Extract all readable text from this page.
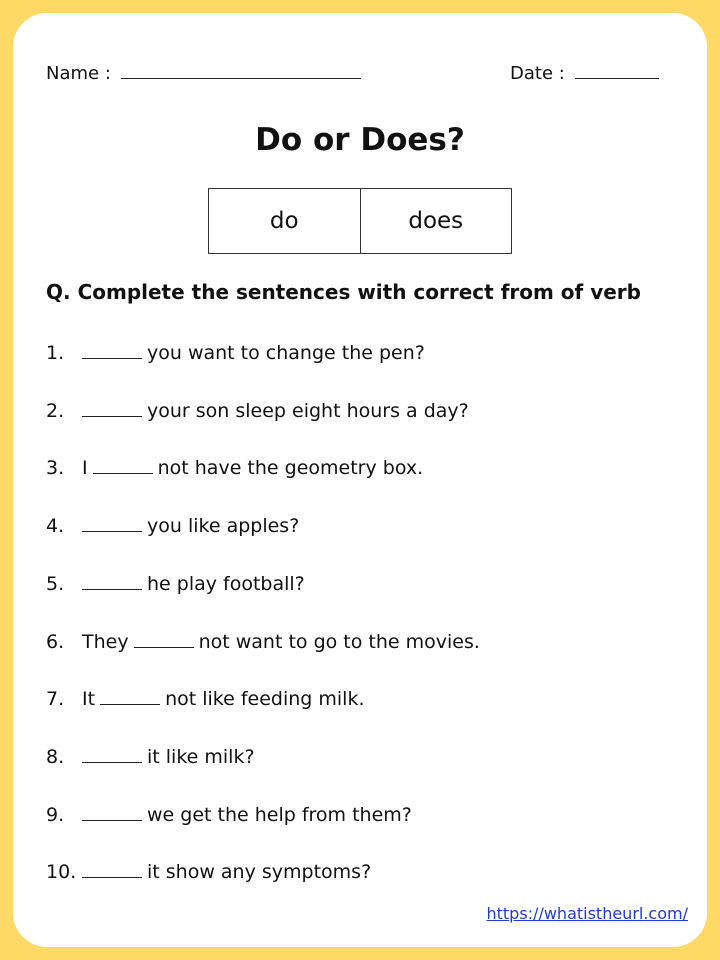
Name :	Date :
Do or Does?
do	does
Q. Complete the sentences with correct from of verb
1.	you want to change the pen?
2.	your son sleep eight hours a day?
3. I	not have the geometry box.
4.	you like apples?
5.	he play football?
6. They	not want to go to the movies.
7. It	not like feeding milk.
8.	it like milk?
9.	we get the help from them?
10.	it show any symptoms?
https://whatistheurl.com/
